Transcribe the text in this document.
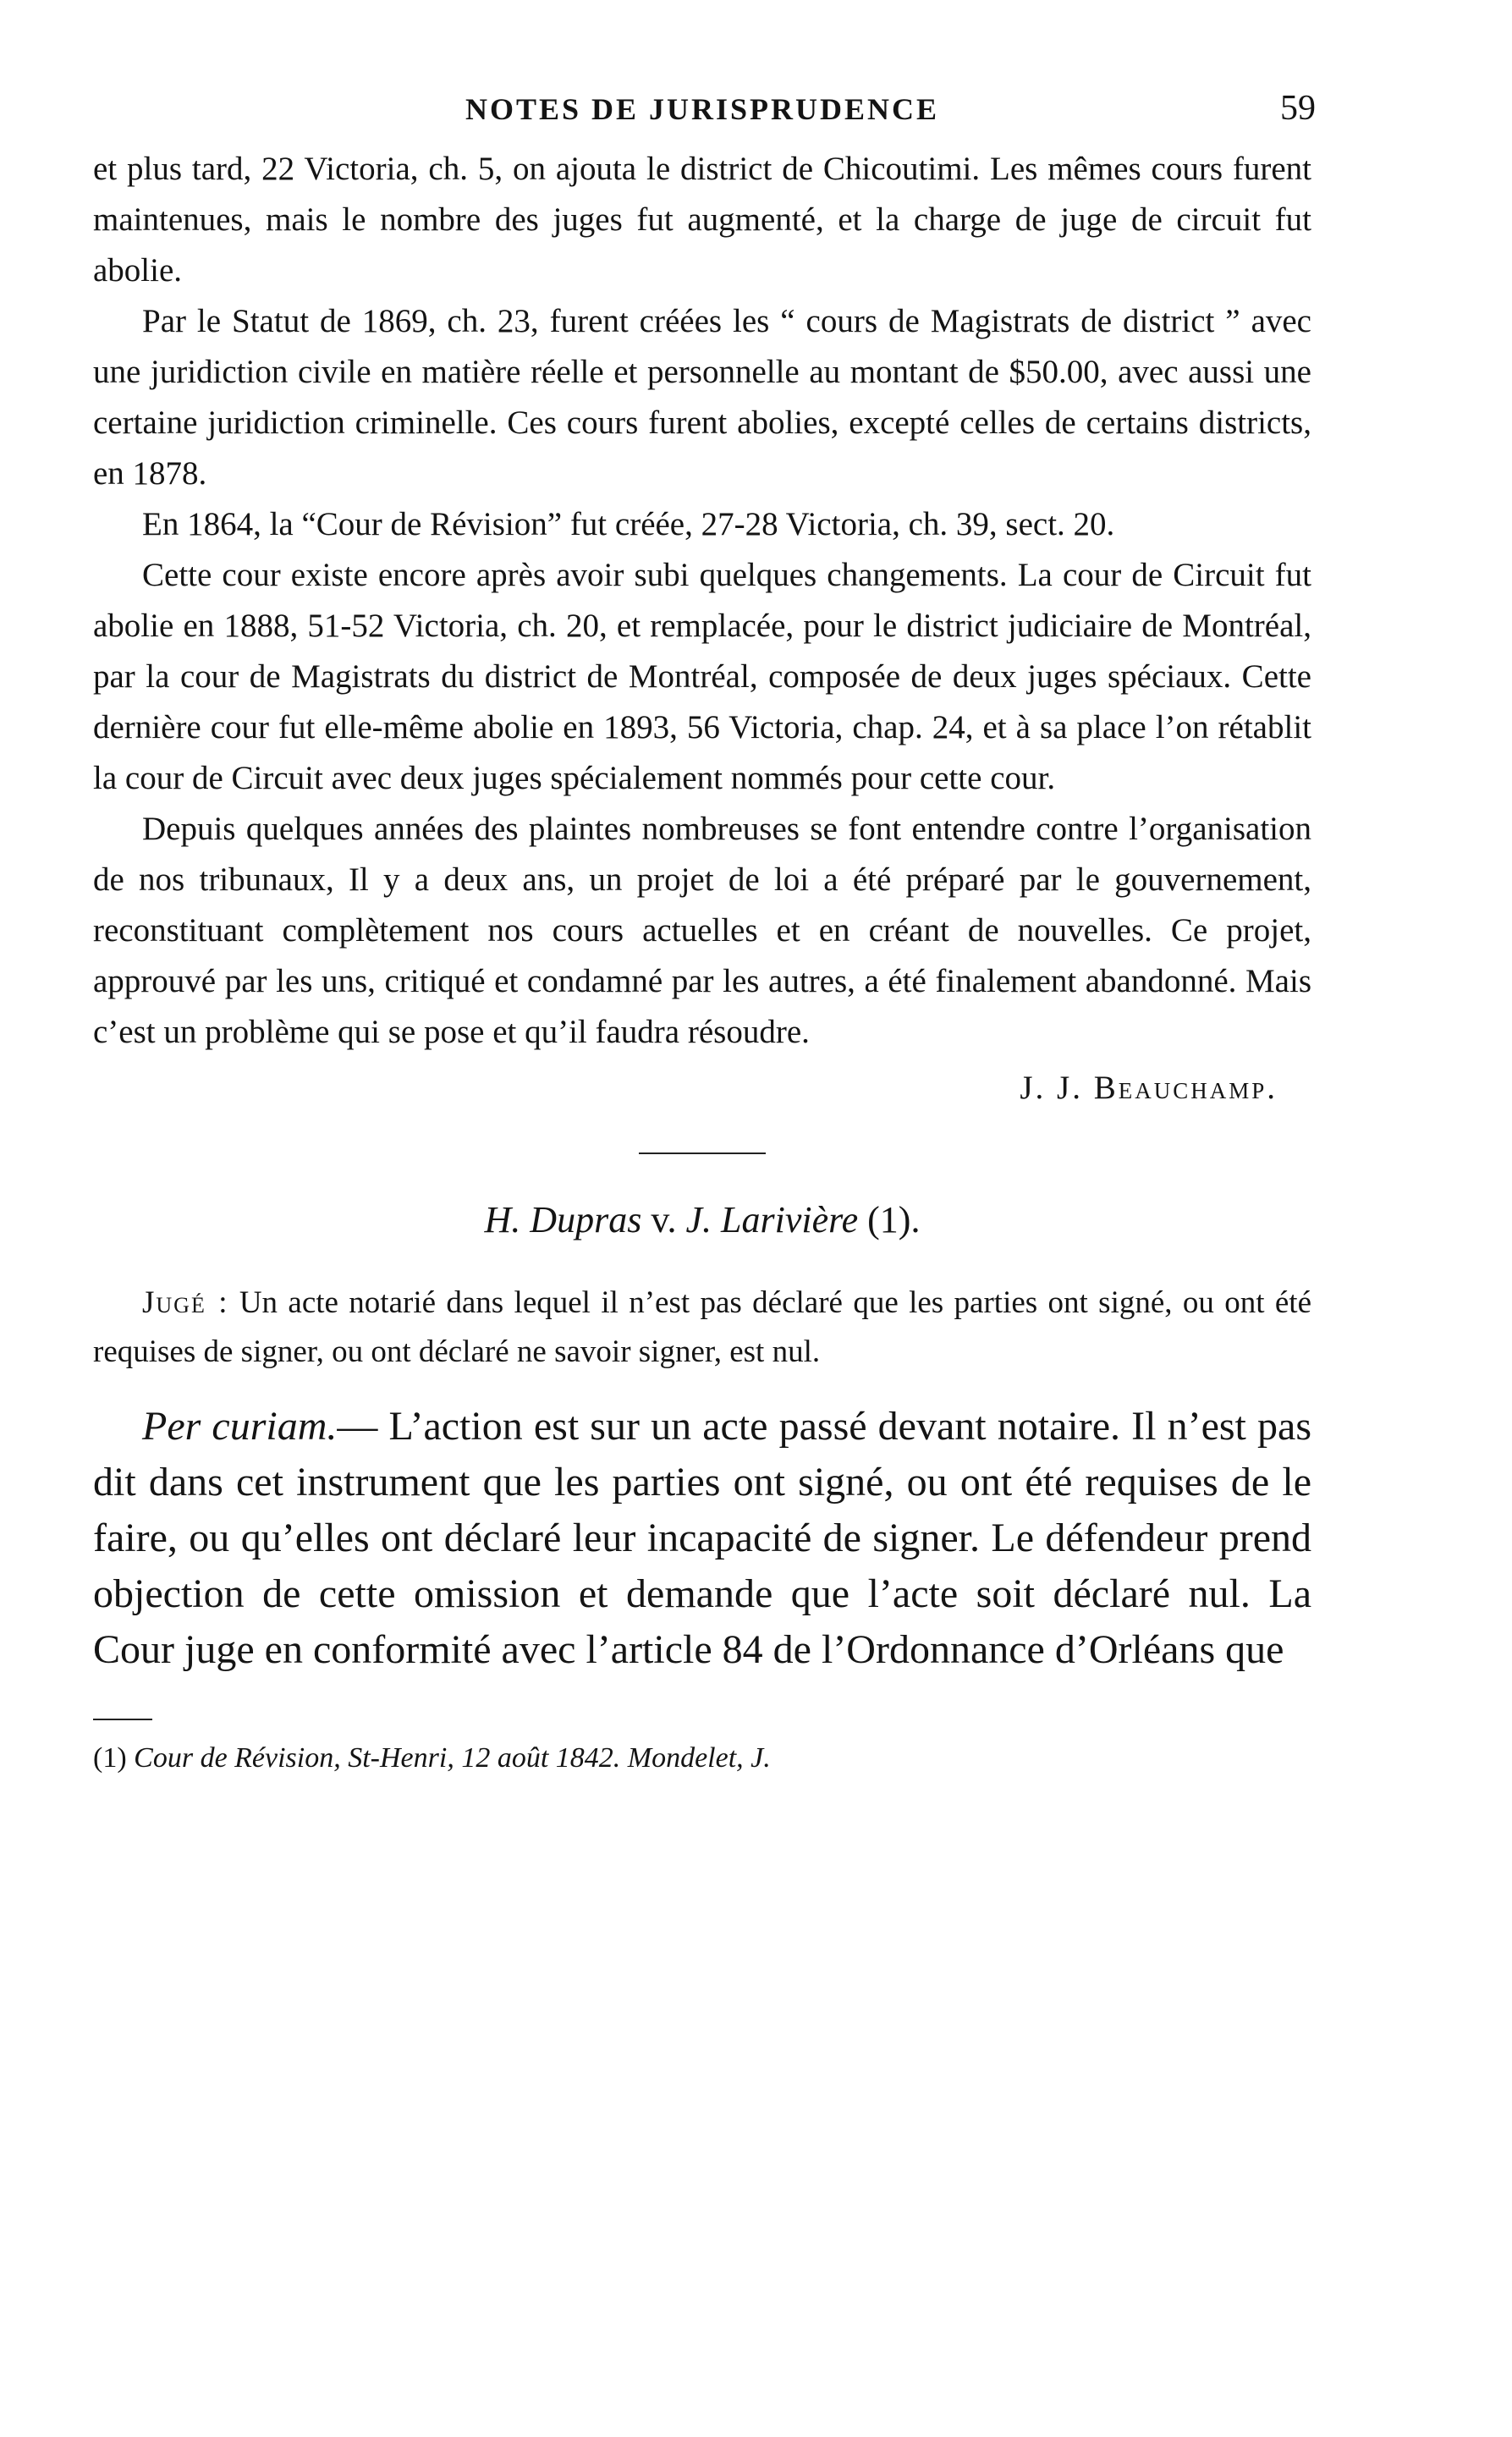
NOTES DE JURISPRUDENCE	59

et plus tard, 22 Victoria, ch. 5, on ajouta le district de Chicoutimi. Les mêmes cours furent maintenues, mais le nombre des juges fut augmenté, et la charge de juge de circuit fut abolie.

Par le Statut de 1869, ch. 23, furent créées les “ cours de Magistrats de district ” avec une juridiction civile en matière réelle et personnelle au montant de $50.00, avec aussi une certaine juridiction criminelle. Ces cours furent abolies, excepté celles de certains districts, en 1878.

En 1864, la “Cour de Révision” fut créée, 27-28 Victoria, ch. 39, sect. 20.

Cette cour existe encore après avoir subi quelques changements. La cour de Circuit fut abolie en 1888, 51-52 Victoria, ch. 20, et remplacée, pour le district judiciaire de Montréal, par la cour de Magistrats du district de Montréal, composée de deux juges spéciaux. Cette dernière cour fut elle-même abolie en 1893, 56 Victoria, chap. 24, et à sa place l’on rétablit la cour de Circuit avec deux juges spécialement nommés pour cette cour.

Depuis quelques années des plaintes nombreuses se font entendre contre l’organisation de nos tribunaux, Il y a deux ans, un projet de loi a été préparé par le gouvernement, reconstituant complètement nos cours actuelles et en créant de nouvelles. Ce projet, approuvé par les uns, critiqué et condamné par les autres, a été finalement abandonné. Mais c’est un problème qui se pose et qu’il faudra résoudre.

J. J. Beauchamp.
H. Dupras v. J. Larivière (1).

Jugé : Un acte notarié dans lequel il n’est pas déclaré que les parties ont signé, ou ont été requises de signer, ou ont déclaré ne savoir signer, est nul.

Per curiam.— L’action est sur un acte passé devant notaire. Il n’est pas dit dans cet instrument que les parties ont signé, ou ont été requises de le faire, ou qu’elles ont déclaré leur incapacité de signer. Le défendeur prend objection de cette omission et demande que l’acte soit déclaré nul. La Cour juge en conformité avec l’article 84 de l’Ordonnance d’Orléans que

(1) Cour de Révision, St-Henri, 12 août 1842. Mondelet, J.
